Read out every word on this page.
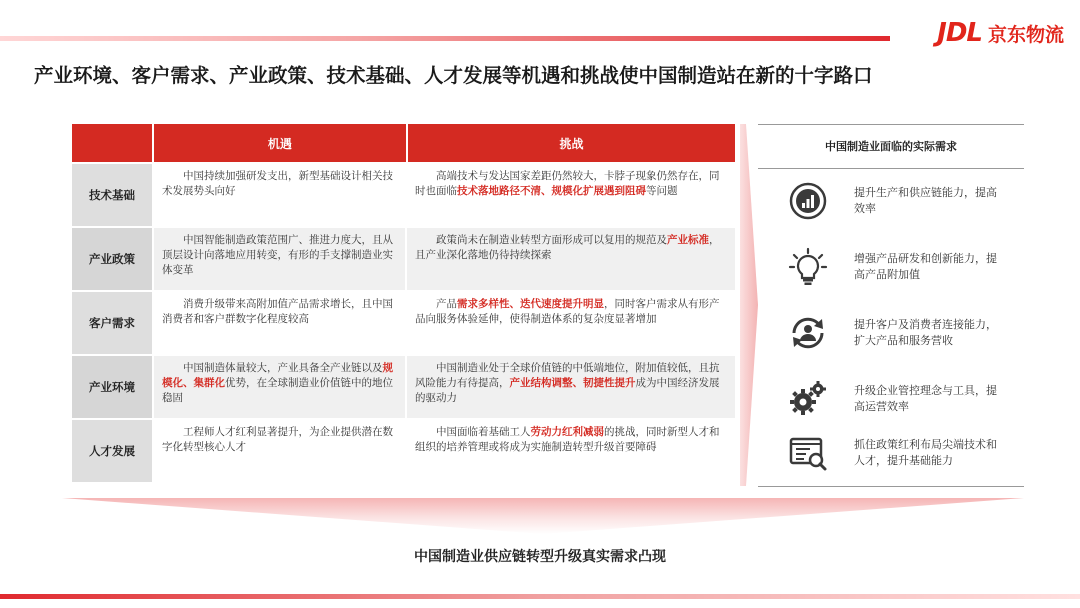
JDL 京东物流
产业环境、客户需求、产业政策、技术基础、人才发展等机遇和挑战使中国制造站在新的十字路口
机遇	挑战
技术基础
中国持续加强研发支出，新型基础设计相关技术发展势头向好
高端技术与发达国家差距仍然较大，卡脖子现象仍然存在，同时也面临技术落地路径不清、规模化扩展遇到阻碍等问题
产业政策
中国智能制造政策范围广、推进力度大，且从顶层设计向落地应用转变，有形的手支撑制造业实体变革
政策尚未在制造业转型方面形成可以复用的规范及产业标准，且产业深化落地仍待持续探索
客户需求
消费升级带来高附加值产品需求增长，且中国消费者和客户群数字化程度较高
产品需求多样性、迭代速度提升明显，同时客户需求从有形产品向服务体验延伸，使得制造体系的复杂度显著增加
产业环境
中国制造体量较大，产业具备全产业链以及规模化、集群化优势，在全球制造业价值链中的地位稳固
中国制造业处于全球价值链的中低端地位，附加值较低，且抗风险能力有待提高，产业结构调整、韧捷性提升成为中国经济发展的驱动力
人才发展
工程师人才红利显著提升，为企业提供潜在数字化转型核心人才
中国面临着基础工人劳动力红利减弱的挑战，同时新型人才和组织的培养管理或将成为实施制造转型升级首要障碍
中国制造业面临的实际需求
提升生产和供应链能力，提高效率
增强产品研发和创新能力，提高产品附加值
提升客户及消费者连接能力，扩大产品和服务营收
升级企业管控理念与工具，提高运营效率
抓住政策红利布局尖端技术和人才，提升基础能力
中国制造业供应链转型升级真实需求凸现
